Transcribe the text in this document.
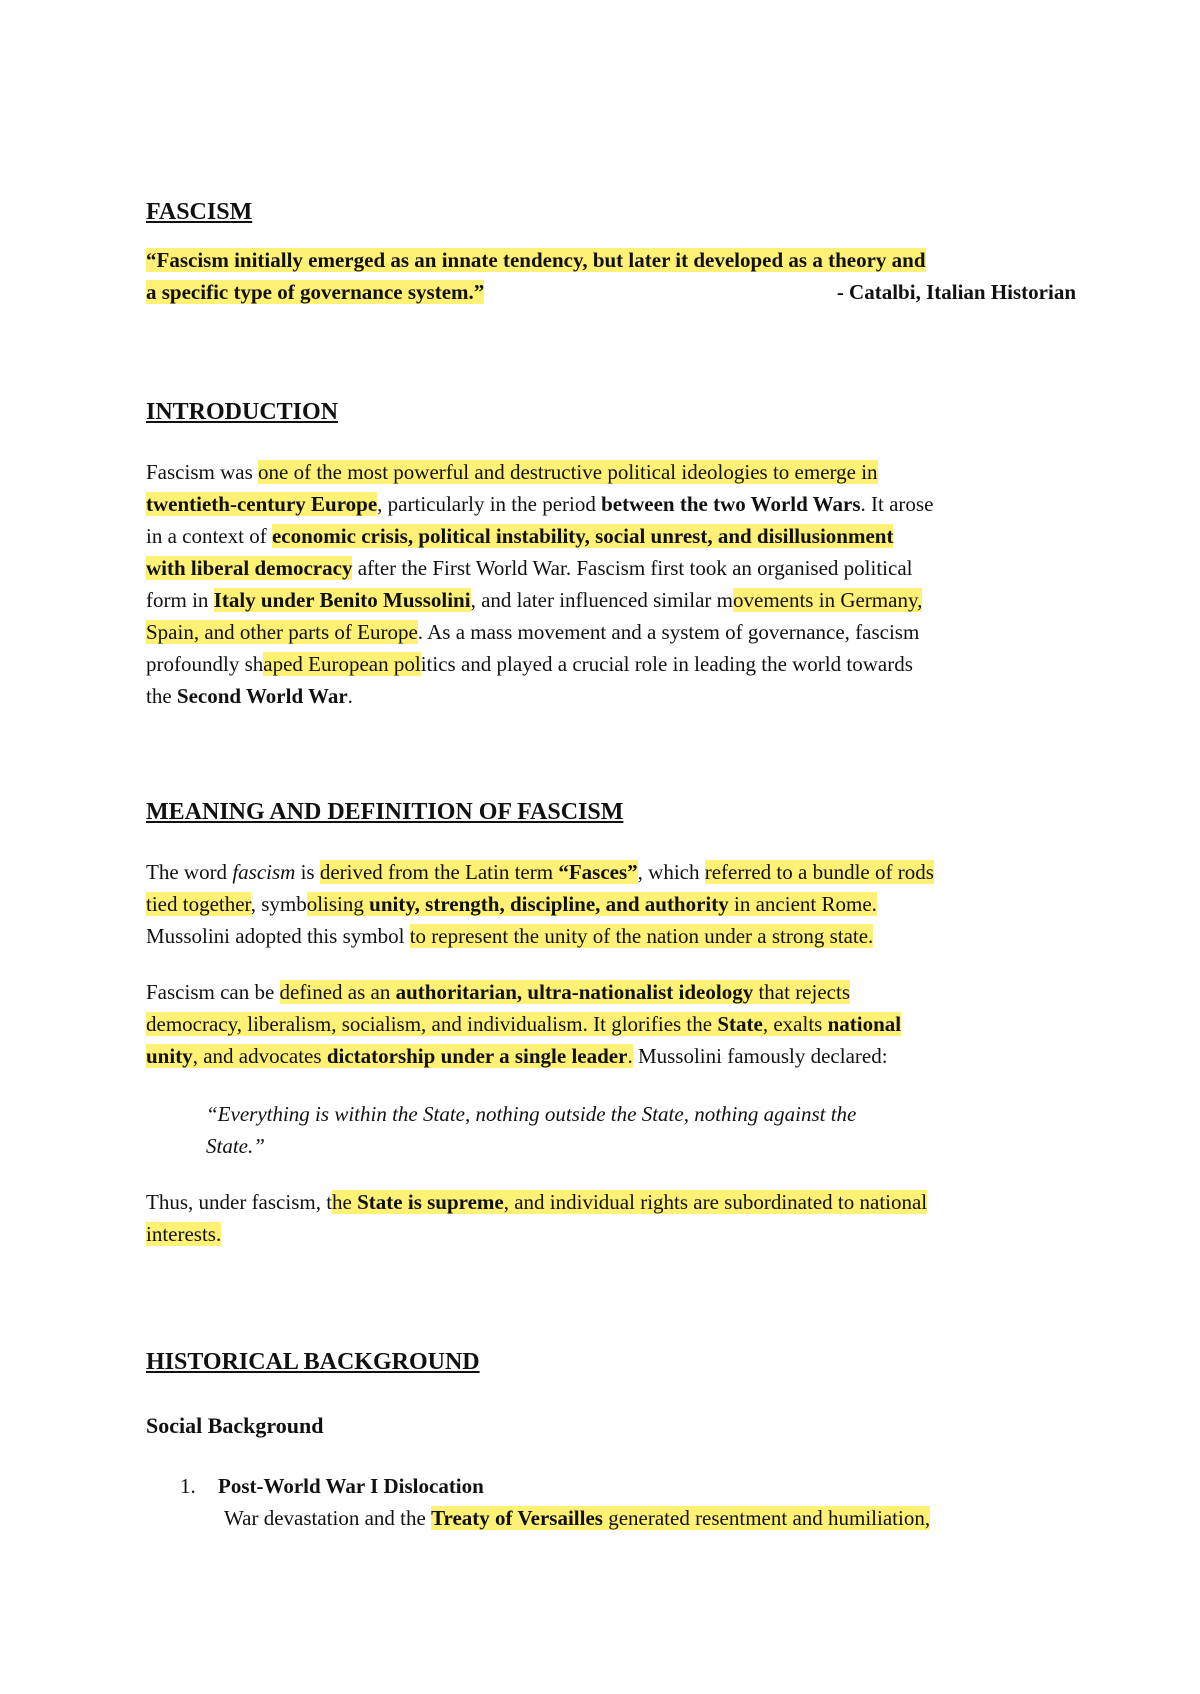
FASCISM
“Fascism initially emerged as an innate tendency, but later it developed as a theory and
a specific type of governance system.”	- Catalbi, Italian Historian
INTRODUCTION
Fascism was one of the most powerful and destructive political ideologies to emerge in
twentieth-century Europe, particularly in the period between the two World Wars. It arose
in a context of economic crisis, political instability, social unrest, and disillusionment
with liberal democracy after the First World War. Fascism first took an organised political
form in Italy under Benito Mussolini, and later influenced similar movements in Germany,
Spain, and other parts of Europe. As a mass movement and a system of governance, fascism
profoundly shaped European politics and played a crucial role in leading the world towards
the Second World War.
MEANING AND DEFINITION OF FASCISM
The word fascism is derived from the Latin term “Fasces”, which referred to a bundle of rods
tied together, symbolising unity, strength, discipline, and authority in ancient Rome.
Mussolini adopted this symbol to represent the unity of the nation under a strong state.
Fascism can be defined as an authoritarian, ultra-nationalist ideology that rejects
democracy, liberalism, socialism, and individualism. It glorifies the State, exalts national
unity, and advocates dictatorship under a single leader. Mussolini famously declared:
“Everything is within the State, nothing outside the State, nothing against the
State.”
Thus, under fascism, the State is supreme, and individual rights are subordinated to national
interests.
HISTORICAL BACKGROUND
Social Background
1. Post-World War I Dislocation
War devastation and the Treaty of Versailles generated resentment and humiliation,
